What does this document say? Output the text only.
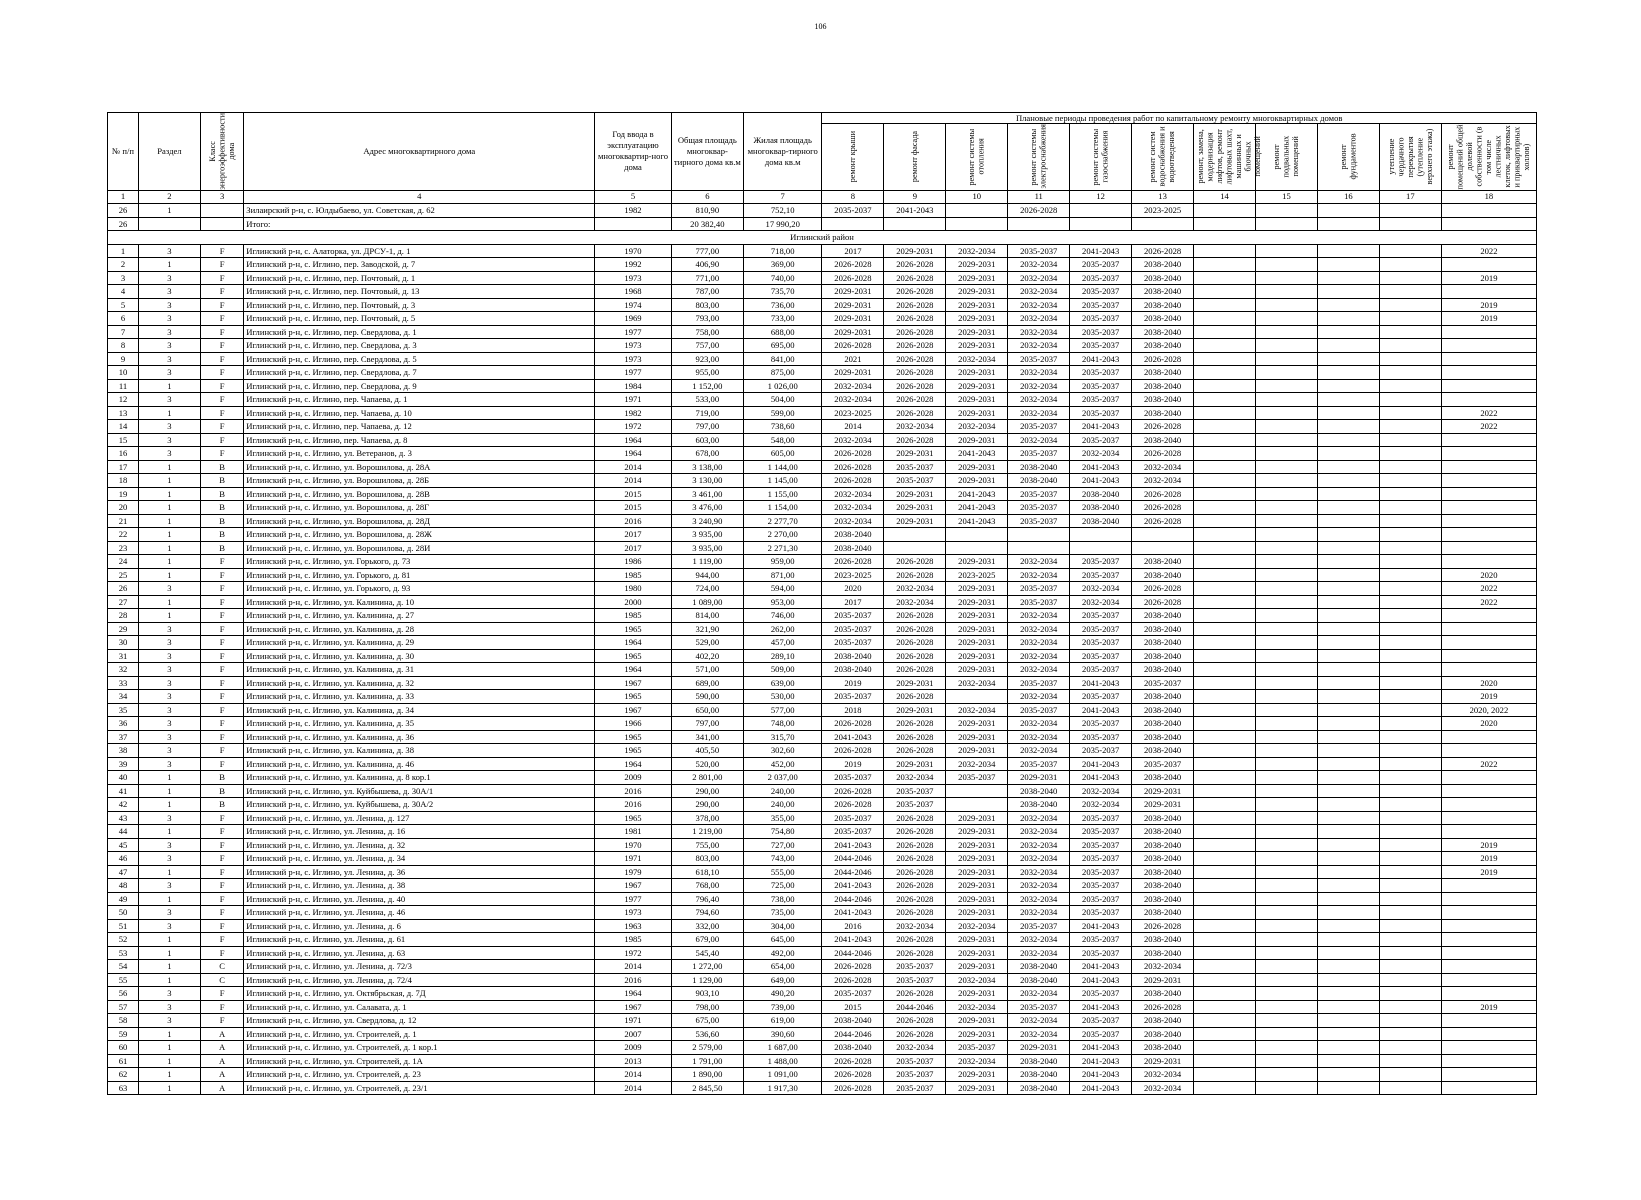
106
№ п/п	Раздел	Класс энергоэффективности дома	Адрес многоквартирного дома	Год ввода в эксплуатацию многоквартир-ного дома	Общая площадь многоквар-тирного дома кв.м	Жилая площадь многоквар-тирного дома кв.м	Плановые периоды проведения работ по капитальному ремонту многоквартирных домов										

							ремонт крыши	ремонт фасада	ремонт системы отопления	ремонт системы электроснабжения	ремонт системы газоснабжения	ремонт систем водоснабжения и водоотведения	ремонт, замена, модернизация лифтов, ремонт лифтовых шахт, машинных и блочных помещений	ремонт подвальных помещений	ремонт фундаментов	утепление чердачного перекрытия (утепление верхнего этажа)	ремонт помещений общей долевой собственности (в том числе лестничных клеток, лифтовых и приквартирных холлов)

1	2	3	4	5	6	7	8	9	10	11	12	13	14	15	16	17	18
26	1		Зилаирский р-н, с. Юлдыбаево, ул. Советская, д. 62	1982	810,90	752,10	2035-2037	2041-2043		2026-2028		2023-2025					
26			Итого:		20 382,40	17 990,20											
Иглинский район																	
1	3	F	Иглинский р-н, с. Алаторка, ул. ДРСУ-1, д. 1	1970	777,00	718,00	2017	2029-2031	2032-2034	2035-2037	2041-2043	2026-2028					2022
2	1	F	Иглинский р-н, с. Иглино, пер. Заводской, д. 7	1992	406,90	369,00	2026-2028	2026-2028	2029-2031	2032-2034	2035-2037	2038-2040					
3	3	F	Иглинский р-н, с. Иглино, пер. Почтовый, д. 1	1973	771,00	740,00	2026-2028	2026-2028	2029-2031	2032-2034	2035-2037	2038-2040					2019
4	3	F	Иглинский р-н, с. Иглино, пер. Почтовый, д. 13	1968	787,00	735,70	2029-2031	2026-2028	2029-2031	2032-2034	2035-2037	2038-2040					
5	3	F	Иглинский р-н, с. Иглино, пер. Почтовый, д. 3	1974	803,00	736,00	2029-2031	2026-2028	2029-2031	2032-2034	2035-2037	2038-2040					2019
6	3	F	Иглинский р-н, с. Иглино, пер. Почтовый, д. 5	1969	793,00	733,00	2029-2031	2026-2028	2029-2031	2032-2034	2035-2037	2038-2040					2019
7	3	F	Иглинский р-н, с. Иглино, пер. Свердлова, д. 1	1977	758,00	688,00	2029-2031	2026-2028	2029-2031	2032-2034	2035-2037	2038-2040					
8	3	F	Иглинский р-н, с. Иглино, пер. Свердлова, д. 3	1973	757,00	695,00	2026-2028	2026-2028	2029-2031	2032-2034	2035-2037	2038-2040					
9	3	F	Иглинский р-н, с. Иглино, пер. Свердлова, д. 5	1973	923,00	841,00	2021	2026-2028	2032-2034	2035-2037	2041-2043	2026-2028					
10	3	F	Иглинский р-н, с. Иглино, пер. Свердлова, д. 7	1977	955,00	875,00	2029-2031	2026-2028	2029-2031	2032-2034	2035-2037	2038-2040					
11	1	F	Иглинский р-н, с. Иглино, пер. Свердлова, д. 9	1984	1 152,00	1 026,00	2032-2034	2026-2028	2029-2031	2032-2034	2035-2037	2038-2040					
12	3	F	Иглинский р-н, с. Иглино, пер. Чапаева, д. 1	1971	533,00	504,00	2032-2034	2026-2028	2029-2031	2032-2034	2035-2037	2038-2040					
13	1	F	Иглинский р-н, с. Иглино, пер. Чапаева, д. 10	1982	719,00	599,00	2023-2025	2026-2028	2029-2031	2032-2034	2035-2037	2038-2040					2022
14	3	F	Иглинский р-н, с. Иглино, пер. Чапаева, д. 12	1972	797,00	738,60	2014	2032-2034	2032-2034	2035-2037	2041-2043	2026-2028					2022
15	3	F	Иглинский р-н, с. Иглино, пер. Чапаева, д. 8	1964	603,00	548,00	2032-2034	2026-2028	2029-2031	2032-2034	2035-2037	2038-2040					
16	3	F	Иглинский р-н, с. Иглино, ул. Ветеранов, д. 3	1964	678,00	605,00	2026-2028	2029-2031	2041-2043	2035-2037	2032-2034	2026-2028					
17	1	B	Иглинский р-н, с. Иглино, ул. Ворошилова, д. 28А	2014	3 138,00	1 144,00	2026-2028	2035-2037	2029-2031	2038-2040	2041-2043	2032-2034					
18	1	B	Иглинский р-н, с. Иглино, ул. Ворошилова, д. 28Б	2014	3 130,00	1 145,00	2026-2028	2035-2037	2029-2031	2038-2040	2041-2043	2032-2034					
19	1	B	Иглинский р-н, с. Иглино, ул. Ворошилова, д. 28В	2015	3 461,00	1 155,00	2032-2034	2029-2031	2041-2043	2035-2037	2038-2040	2026-2028					
20	1	B	Иглинский р-н, с. Иглино, ул. Ворошилова, д. 28Г	2015	3 476,00	1 154,00	2032-2034	2029-2031	2041-2043	2035-2037	2038-2040	2026-2028					
21	1	B	Иглинский р-н, с. Иглино, ул. Ворошилова, д. 28Д	2016	3 240,90	2 277,70	2032-2034	2029-2031	2041-2043	2035-2037	2038-2040	2026-2028					
22	1	B	Иглинский р-н, с. Иглино, ул. Ворошилова, д. 28Ж	2017	3 935,00	2 270,00	2038-2040										
23	1	B	Иглинский р-н, с. Иглино, ул. Ворошилова, д. 28И	2017	3 935,00	2 271,30	2038-2040										
24	1	F	Иглинский р-н, с. Иглино, ул. Горького, д. 73	1986	1 119,00	959,00	2026-2028	2026-2028	2029-2031	2032-2034	2035-2037	2038-2040					
25	1	F	Иглинский р-н, с. Иглино, ул. Горького, д. 81	1985	944,00	871,00	2023-2025	2026-2028	2023-2025	2032-2034	2035-2037	2038-2040					2020
26	3	F	Иглинский р-н, с. Иглино, ул. Горького, д. 93	1980	724,00	594,00	2020	2032-2034	2029-2031	2035-2037	2032-2034	2026-2028					2022
27	1	F	Иглинский р-н, с. Иглино, ул. Калинина, д. 10	2000	1 089,00	953,00	2017	2032-2034	2029-2031	2035-2037	2032-2034	2026-2028					2022
28	1	F	Иглинский р-н, с. Иглино, ул. Калинина, д. 27	1985	814,00	746,00	2035-2037	2026-2028	2029-2031	2032-2034	2035-2037	2038-2040					
29	3	F	Иглинский р-н, с. Иглино, ул. Калинина, д. 28	1965	321,90	262,00	2035-2037	2026-2028	2029-2031	2032-2034	2035-2037	2038-2040					
30	3	F	Иглинский р-н, с. Иглино, ул. Калинина, д. 29	1964	529,00	457,00	2035-2037	2026-2028	2029-2031	2032-2034	2035-2037	2038-2040					
31	3	F	Иглинский р-н, с. Иглино, ул. Калинина, д. 30	1965	402,20	289,10	2038-2040	2026-2028	2029-2031	2032-2034	2035-2037	2038-2040					
32	3	F	Иглинский р-н, с. Иглино, ул. Калинина, д. 31	1964	571,00	509,00	2038-2040	2026-2028	2029-2031	2032-2034	2035-2037	2038-2040					
33	3	F	Иглинский р-н, с. Иглино, ул. Калинина, д. 32	1967	689,00	639,00	2019	2029-2031	2032-2034	2035-2037	2041-2043	2035-2037					2020
34	3	F	Иглинский р-н, с. Иглино, ул. Калинина, д. 33	1965	590,00	530,00	2035-2037	2026-2028		2032-2034	2035-2037	2038-2040					2019
35	3	F	Иглинский р-н, с. Иглино, ул. Калинина, д. 34	1967	650,00	577,00	2018	2029-2031	2032-2034	2035-2037	2041-2043	2038-2040					2020, 2022
36	3	F	Иглинский р-н, с. Иглино, ул. Калинина, д. 35	1966	797,00	748,00	2026-2028	2026-2028	2029-2031	2032-2034	2035-2037	2038-2040					2020
37	3	F	Иглинский р-н, с. Иглино, ул. Калинина, д. 36	1965	341,00	315,70	2041-2043	2026-2028	2029-2031	2032-2034	2035-2037	2038-2040					
38	3	F	Иглинский р-н, с. Иглино, ул. Калинина, д. 38	1965	405,50	302,60	2026-2028	2026-2028	2029-2031	2032-2034	2035-2037	2038-2040					
39	3	F	Иглинский р-н, с. Иглино, ул. Калинина, д. 46	1964	520,00	452,00	2019	2029-2031	2032-2034	2035-2037	2041-2043	2035-2037					2022
40	1	B	Иглинский р-н, с. Иглино, ул. Калинина, д. 8 кор.1	2009	2 801,00	2 037,00	2035-2037	2032-2034	2035-2037	2029-2031	2041-2043	2038-2040					
41	1	B	Иглинский р-н, с. Иглино, ул. Куйбышева, д. 30А/1	2016	290,00	240,00	2026-2028	2035-2037		2038-2040	2032-2034	2029-2031					
42	1	B	Иглинский р-н, с. Иглино, ул. Куйбышева, д. 30А/2	2016	290,00	240,00	2026-2028	2035-2037		2038-2040	2032-2034	2029-2031					
43	3	F	Иглинский р-н, с. Иглино, ул. Ленина, д. 127	1965	378,00	355,00	2035-2037	2026-2028	2029-2031	2032-2034	2035-2037	2038-2040					
44	1	F	Иглинский р-н, с. Иглино, ул. Ленина, д. 16	1981	1 219,00	754,80	2035-2037	2026-2028	2029-2031	2032-2034	2035-2037	2038-2040					
45	3	F	Иглинский р-н, с. Иглино, ул. Ленина, д. 32	1970	755,00	727,00	2041-2043	2026-2028	2029-2031	2032-2034	2035-2037	2038-2040					2019
46	3	F	Иглинский р-н, с. Иглино, ул. Ленина, д. 34	1971	803,00	743,00	2044-2046	2026-2028	2029-2031	2032-2034	2035-2037	2038-2040					2019
47	1	F	Иглинский р-н, с. Иглино, ул. Ленина, д. 36	1979	618,10	555,00	2044-2046	2026-2028	2029-2031	2032-2034	2035-2037	2038-2040					2019
48	3	F	Иглинский р-н, с. Иглино, ул. Ленина, д. 38	1967	768,00	725,00	2041-2043	2026-2028	2029-2031	2032-2034	2035-2037	2038-2040					
49	1	F	Иглинский р-н, с. Иглино, ул. Ленина, д. 40	1977	796,40	738,00	2044-2046	2026-2028	2029-2031	2032-2034	2035-2037	2038-2040					
50	3	F	Иглинский р-н, с. Иглино, ул. Ленина, д. 46	1973	794,60	735,00	2041-2043	2026-2028	2029-2031	2032-2034	2035-2037	2038-2040					
51	3	F	Иглинский р-н, с. Иглино, ул. Ленина, д. 6	1963	332,00	304,00	2016	2032-2034	2032-2034	2035-2037	2041-2043	2026-2028					
52	1	F	Иглинский р-н, с. Иглино, ул. Ленина, д. 61	1985	679,00	645,00	2041-2043	2026-2028	2029-2031	2032-2034	2035-2037	2038-2040					
53	1	F	Иглинский р-н, с. Иглино, ул. Ленина, д. 63	1972	545,40	492,00	2044-2046	2026-2028	2029-2031	2032-2034	2035-2037	2038-2040					
54	1	C	Иглинский р-н, с. Иглино, ул. Ленина, д. 72/3	2014	1 272,00	654,00	2026-2028	2035-2037	2029-2031	2038-2040	2041-2043	2032-2034					
55	1	C	Иглинский р-н, с. Иглино, ул. Ленина, д. 72/4	2016	1 129,00	649,00	2026-2028	2035-2037	2032-2034	2038-2040	2041-2043	2029-2031					
56	3	F	Иглинский р-н, с. Иглино, ул. Октябрьская, д. 7Д	1964	903,10	490,20	2035-2037	2026-2028	2029-2031	2032-2034	2035-2037	2038-2040					
57	3	F	Иглинский р-н, с. Иглино, ул. Салавата, д. 1	1967	798,00	739,00	2015	2044-2046	2032-2034	2035-2037	2041-2043	2026-2028					2019
58	3	F	Иглинский р-н, с. Иглино, ул. Свердлова, д. 12	1971	675,00	619,00	2038-2040	2026-2028	2029-2031	2032-2034	2035-2037	2038-2040					
59	1	A	Иглинский р-н, с. Иглино, ул. Строителей, д. 1	2007	536,60	390,60	2044-2046	2026-2028	2029-2031	2032-2034	2035-2037	2038-2040					
60	1	A	Иглинский р-н, с. Иглино, ул. Строителей, д. 1 кор.1	2009	2 579,00	1 687,00	2038-2040	2032-2034	2035-2037	2029-2031	2041-2043	2038-2040					
61	1	A	Иглинский р-н, с. Иглино, ул. Строителей, д. 1А	2013	1 791,00	1 488,00	2026-2028	2035-2037	2032-2034	2038-2040	2041-2043	2029-2031					
62	1	A	Иглинский р-н, с. Иглино, ул. Строителей, д. 23	2014	1 890,00	1 091,00	2026-2028	2035-2037	2029-2031	2038-2040	2041-2043	2032-2034					
63	1	A	Иглинский р-н, с. Иглино, ул. Строителей, д. 23/1	2014	2 845,50	1 917,30	2026-2028	2035-2037	2029-2031	2038-2040	2041-2043	2032-2034					
